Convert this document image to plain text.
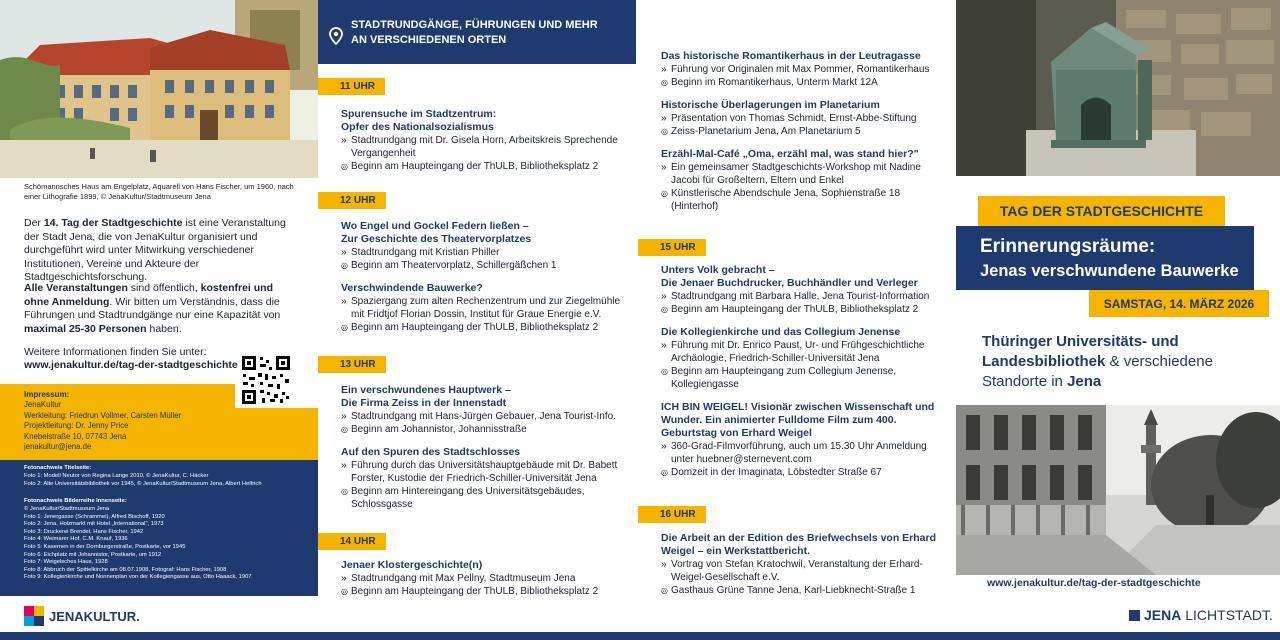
Schömannsches Haus am Engelplatz, Aquarell von Hans Fischer, um 1960, nach einer Lithografie 1899, © JenaKultur/Stadtmuseum Jena
Der 14. Tag der Stadtgeschichte ist eine Veranstaltung der Stadt Jena, die von JenaKultur organisiert und durchgeführt wird unter Mitwirkung verschiedener Institutionen, Vereine und Akteure der Stadtgeschichtsforschung.
Alle Veranstaltungen sind öffentlich, kostenfrei und ohne Anmeldung. Wir bitten um Verständnis, dass die Führungen und Stadtrundgänge nur eine Kapazität von maximal 25-30 Personen haben.
Weitere Informationen finden Sie unter:
www.jenakultur.de/tag-der-stadtgeschichte
Impressum:
JenaKultur
Werkleitung: Friedrun Vollmer, Carsten Müller
Projektleitung: Dr. Jenny Price
Knebelstraße 10, 07743 Jena
jenakultur@jena.de
Fotonachweis Titelseite:
Foto 1: Modell Neutor von Regina Lange 2010, © JenaKultur, C. Häcker
Foto 2: Alte Universitätsbibliothek vor 1945, © JenaKultur/Stadtmuseum Jena, Albert Helfrich
Fotonachweis Bilderreihe Innenseite:
© JenaKultur/Stadtmuseum Jena
Foto 1: Jenergasse (Schrammei), Alfred Bischoff, 1920
Foto 2: Jena, Holzmarkt mit Hotel „International", 1973
Foto 3: Druckerei Brendel, Hans Fischer, 1942
Foto 4: Weimarer Hof, C.M. Knauf, 1936
Foto 5: Kasernen in der Dornburgerstraße, Postkarte, vor 1945
Foto 6: Eichplatz mit Johannistor, Postkarte, um 1912
Foto 7: Weigelsches Haus, 1928
Foto 8: Abbruch der Spittelkirche am 08.07.1908, Fotograf: Hans Fischer, 1908
Foto 9: Kollegienkirche und Nonnenplan von der Kollegiengasse aus, Otto Haaack, 1907
JENAKULTUR.
STADTRUNDGÄNGE, FÜHRUNGEN UND MEHR
AN VERSCHIEDENEN ORTEN
11 UHR
Spurensuche im Stadtzentrum:
Opfer des Nationalsozialismus
» Stadtrundgang mit Dr. Gisela Horn, Arbeitskreis Sprechende Vergangenheit
◎ Beginn am Haupteingang der ThULB, Bibliotheksplatz 2
12 UHR
Wo Engel und Gockel Federn ließen –
Zur Geschichte des Theatervorplatzes
» Stadtrundgang mit Kristian Philler
◎ Beginn am Theatervorplatz, Schillergäßchen 1
Verschwindende Bauwerke?
» Spaziergang zum alten Rechenzentrum und zur Ziegelmühle mit Fridtjof Florian Dossin, Institut für Graue Energie e.V.
◎ Beginn am Haupteingang der ThULB, Bibliotheksplatz 2
13 UHR
Ein verschwundenes Hauptwerk –
Die Firma Zeiss in der Innenstadt
» Stadtrundgang mit Hans-Jürgen Gebauer, Jena Tourist-Info.
◎ Beginn am Johannistor, Johannisstraße
Auf den Spuren des Stadtschlosses
» Führung durch das Universitätshauptgebäude mit Dr. Babett Forster, Kustodie der Friedrich-Schiller-Universität Jena
◎ Beginn am Hintereingang des Universitätsgebäudes, Schlossgasse
14 UHR
Jenaer Klostergeschichte(n)
» Stadtrundgang mit Max Pellny, Stadtmuseum Jena
◎ Beginn am Haupteingang der ThULB, Bibliotheksplatz 2
Das historische Romantikerhaus in der Leutragasse
» Führung vor Originalen mit Max Pommer, Romantikerhaus
◎ Beginn im Romantikerhaus, Unterm Markt 12A
Historische Überlagerungen im Planetarium
» Präsentation von Thomas Schmidt, Ernst-Abbe-Stiftung
◎ Zeiss-Planetarium Jena, Am Planetarium 5
Erzähl-Mal-Café „Oma, erzähl mal, was stand hier?"
» Ein gemeinsamer Stadtgeschichts-Workshop mit Nadine Jacobi für Großeltern, Eltern und Enkel
◎ Künstlerische Abendschule Jena, Sophienstraße 18 (Hinterhof)
15 UHR
Unters Volk gebracht –
Die Jenaer Buchdrucker, Buchhändler und Verleger
» Stadtrundgang mit Barbara Halle, Jena Tourist-Information
◎ Beginn am Haupteingang der ThULB, Bibliotheksplatz 2
Die Kollegienkirche und das Collegium Jenense
» Führung mit Dr. Enrico Paust, Ur- und Frühgeschichtliche Archäologie, Friedrich-Schiller-Universität Jena
◎ Beginn am Haupteingang zum Collegium Jenense, Kollegiengasse
ICH BIN WEIGEL! Visionär zwischen Wissenschaft und Wunder. Ein animierter Fulldome Film zum 400. Geburtstag von Erhard Weigel
» 360-Grad-Filmvorführung, auch um 15.30 Uhr Anmeldung unter huebner@sternevent.com
◎ Domzeit in der Imaginata, Löbstedter Straße 67
16 UHR
Die Arbeit an der Edition des Briefwechsels von Erhard Weigel – ein Werkstattbericht.
» Vortrag von Stefan Kratochwil, Veranstaltung der Erhard-Weigel-Gesellschaft e.V.
◎ Gasthaus Grüne Tanne Jena, Karl-Liebknecht-Straße 1
TAG DER STADTGESCHICHTE
Erinnerungsräume:
Jenas verschwundene Bauwerke
SAMSTAG, 14. MÄRZ 2026
Thüringer Universitäts- und
Landesbibliothek & verschiedene
Standorte in Jena
www.jenakultur.de/tag-der-stadtgeschichte
JENA LICHTSTADT.
